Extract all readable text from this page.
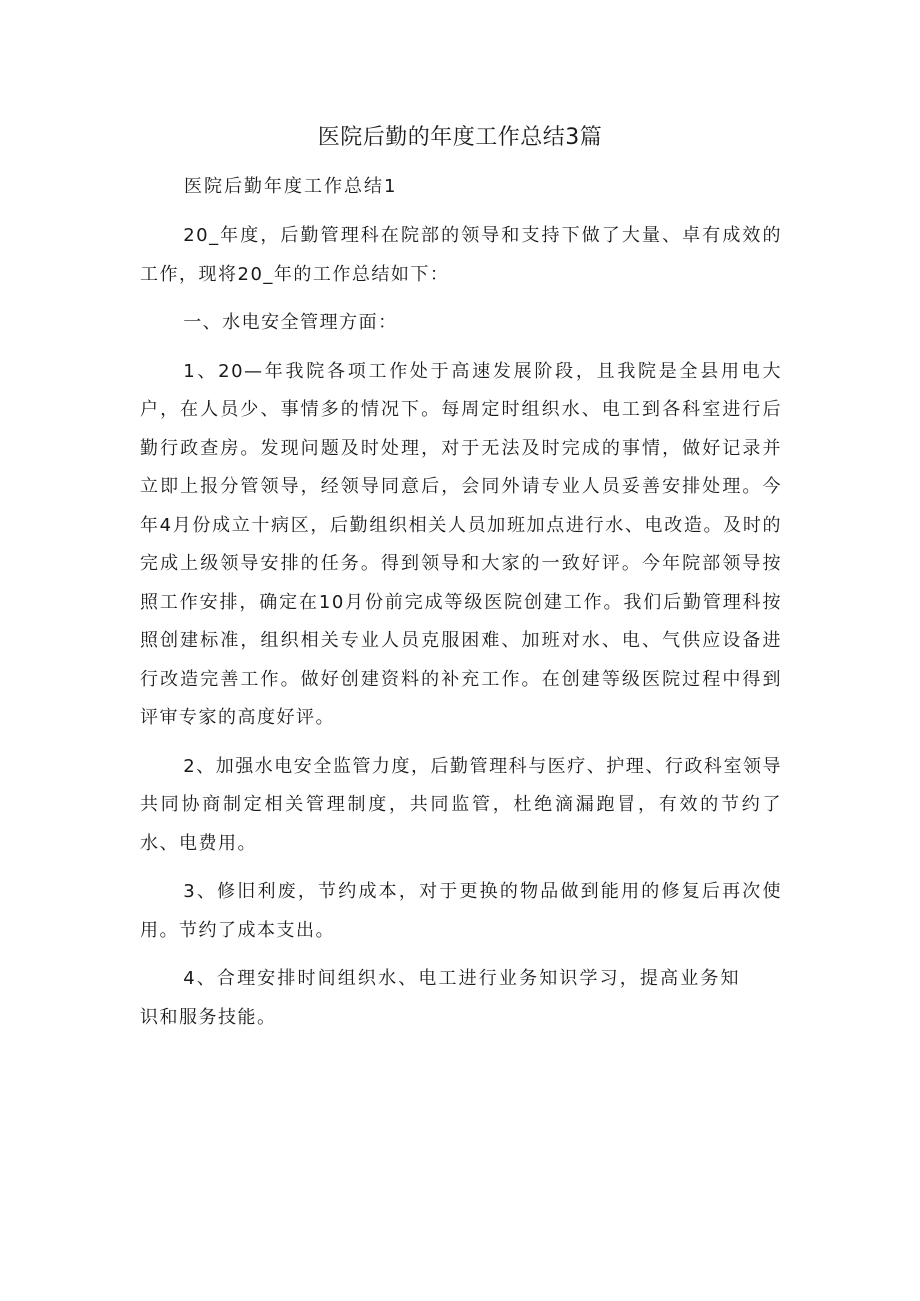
医院后勤的年度工作总结3篇
医院后勤年度工作总结1

20_年度，后勤管理科在院部的领导和支持下做了大量、卓有成效的工作，现将20_年的工作总结如下：

一、水电安全管理方面：

1、20—年我院各项工作处于高速发展阶段，且我院是全县用电大户，在人员少、事情多的情况下。每周定时组织水、电工到各科室进行后勤行政查房。发现问题及时处理，对于无法及时完成的事情，做好记录并立即上报分管领导，经领导同意后，会同外请专业人员妥善安排处理。今年4月份成立十病区，后勤组织相关人员加班加点进行水、电改造。及时的完成上级领导安排的任务。得到领导和大家的一致好评。今年院部领导按照工作安排，确定在10月份前完成等级医院创建工作。我们后勤管理科按照创建标准，组织相关专业人员克服困难、加班对水、电、气供应设备进行改造完善工作。做好创建资料的补充工作。在创建等级医院过程中得到评审专家的高度好评。

2、加强水电安全监管力度，后勤管理科与医疗、护理、行政科室领导共同协商制定相关管理制度，共同监管，杜绝滴漏跑冒，有效的节约了水、电费用。

3、修旧利废，节约成本，对于更换的物品做到能用的修复后再次使用。节约了成本支出。

4、合理安排时间组织水、电工进行业务知识学习，提高业务知识和服务技能。
